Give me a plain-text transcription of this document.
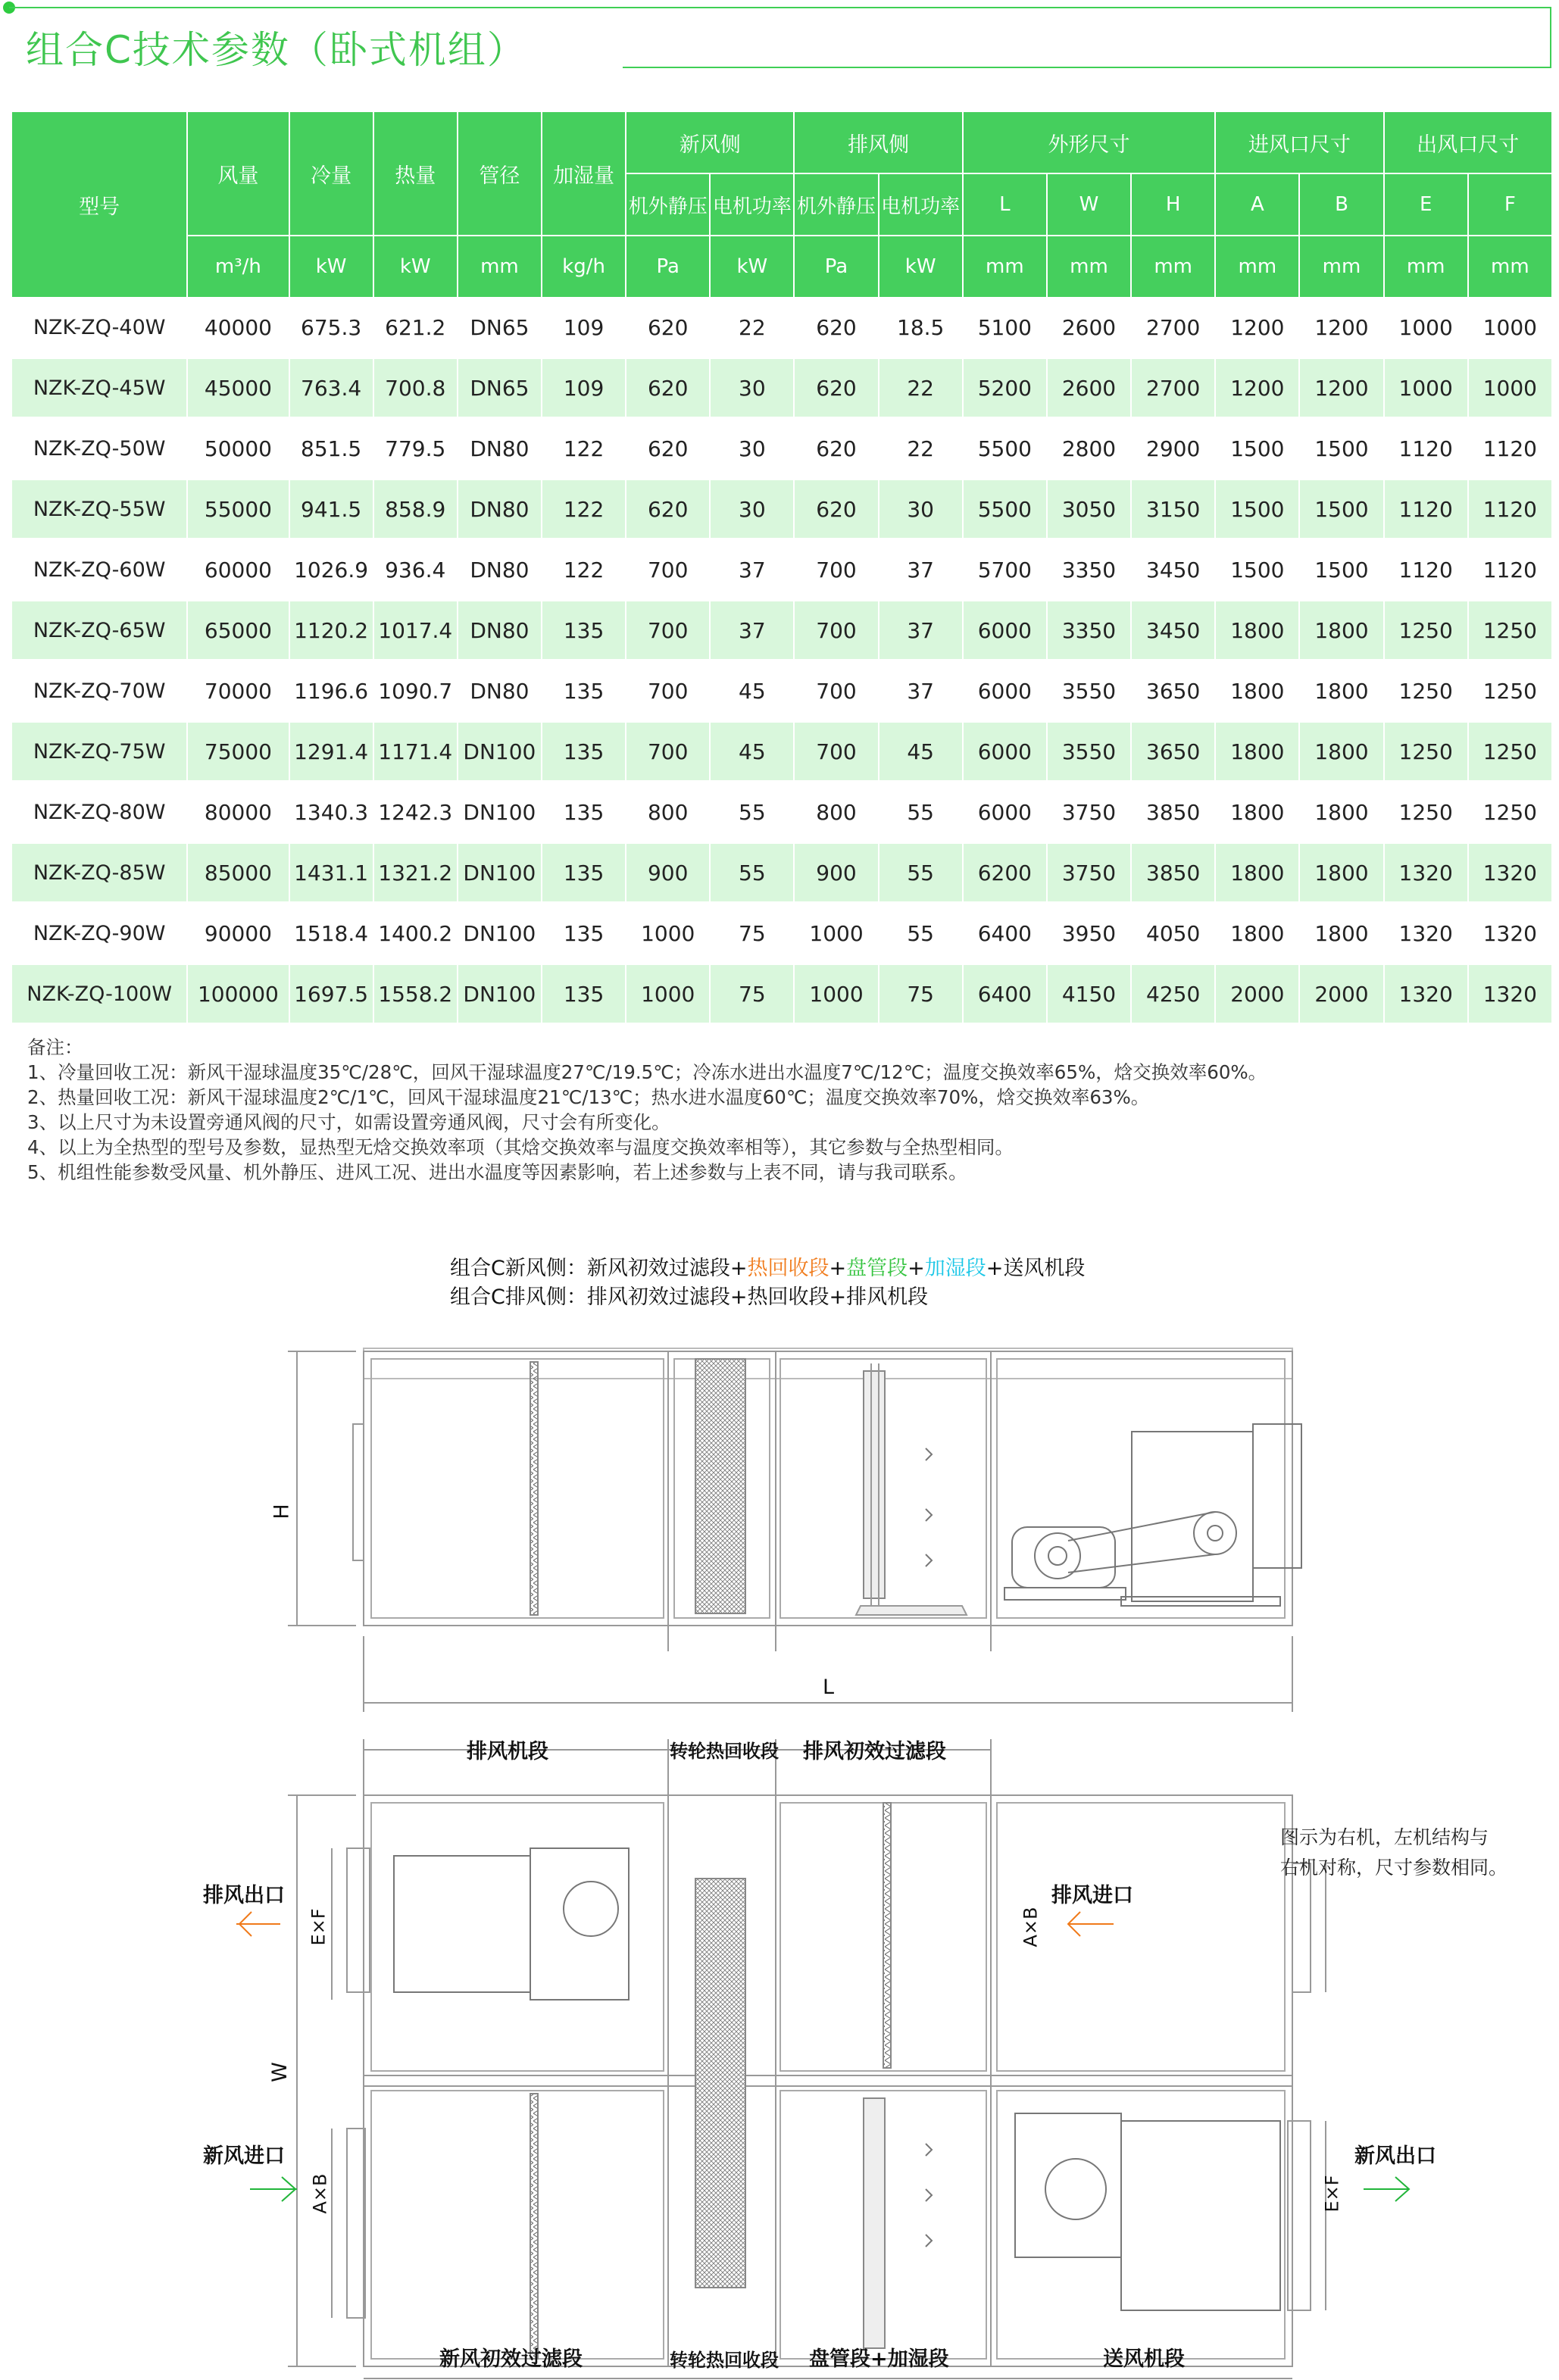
组合C技术参数（卧式机组）
型号	风量	冷量	热量	管径	加湿量	新风侧		排风侧		外形尺寸			进风口尺寸		出风口尺寸	
						机外静压	电机功率	机外静压	电机功率	L	W	H	A	B	E	F
	m³/h	kW	kW	mm	kg/h	Pa	kW	Pa	kW	mm	mm	mm	mm	mm	mm	mm
NZK-ZQ-40W	40000	675.3	621.2	DN65	109	620	22	620	18.5	5100	2600	2700	1200	1200	1000	1000
NZK-ZQ-45W	45000	763.4	700.8	DN65	109	620	30	620	22	5200	2600	2700	1200	1200	1000	1000
NZK-ZQ-50W	50000	851.5	779.5	DN80	122	620	30	620	22	5500	2800	2900	1500	1500	1120	1120
NZK-ZQ-55W	55000	941.5	858.9	DN80	122	620	30	620	30	5500	3050	3150	1500	1500	1120	1120
NZK-ZQ-60W	60000	1026.9	936.4	DN80	122	700	37	700	37	5700	3350	3450	1500	1500	1120	1120
NZK-ZQ-65W	65000	1120.2	1017.4	DN80	135	700	37	700	37	6000	3350	3450	1800	1800	1250	1250
NZK-ZQ-70W	70000	1196.6	1090.7	DN80	135	700	45	700	37	6000	3550	3650	1800	1800	1250	1250
NZK-ZQ-75W	75000	1291.4	1171.4	DN100	135	700	45	700	45	6000	3550	3650	1800	1800	1250	1250
NZK-ZQ-80W	80000	1340.3	1242.3	DN100	135	800	55	800	55	6000	3750	3850	1800	1800	1250	1250
NZK-ZQ-85W	85000	1431.1	1321.2	DN100	135	900	55	900	55	6200	3750	3850	1800	1800	1320	1320
NZK-ZQ-90W	90000	1518.4	1400.2	DN100	135	1000	75	1000	55	6400	3950	4050	1800	1800	1320	1320
NZK-ZQ-100W	100000	1697.5	1558.2	DN100	135	1000	75	1000	75	6400	4150	4250	2000	2000	1320	1320
备注：
1、冷量回收工况：新风干湿球温度35℃/28℃，回风干湿球温度27℃/19.5℃；冷冻水进出水温度7℃/12℃；温度交换效率65%，焓交换效率60%。
2、热量回收工况：新风干湿球温度2℃/1℃，回风干湿球温度21℃/13℃；热水进水温度60℃；温度交换效率70%，焓交换效率63%。
3、以上尺寸为未设置旁通风阀的尺寸，如需设置旁通风阀，尺寸会有所变化。
4、以上为全热型的型号及参数，显热型无焓交换效率项（其焓交换效率与温度交换效率相等），其它参数与全热型相同。
5、机组性能参数受风量、机外静压、进风工况、进出水温度等因素影响，若上述参数与上表不同，请与我司联系。
组合C新风侧：新风初效过滤段+热回收段+盘管段+加湿段+送风机段
组合C排风侧：排风初效过滤段+热回收段+排风机段
H
L
排风机段	转轮热回收段 排风初效过滤段
新风初效过滤段	转轮热回收段 盘管段+加湿段	送风机段
W
排风出口	排风进口
新风进口	新风出口
E×F	A×B
A×B	E×F
图示为右机，左机结构与
右机对称，尺寸参数相同。
